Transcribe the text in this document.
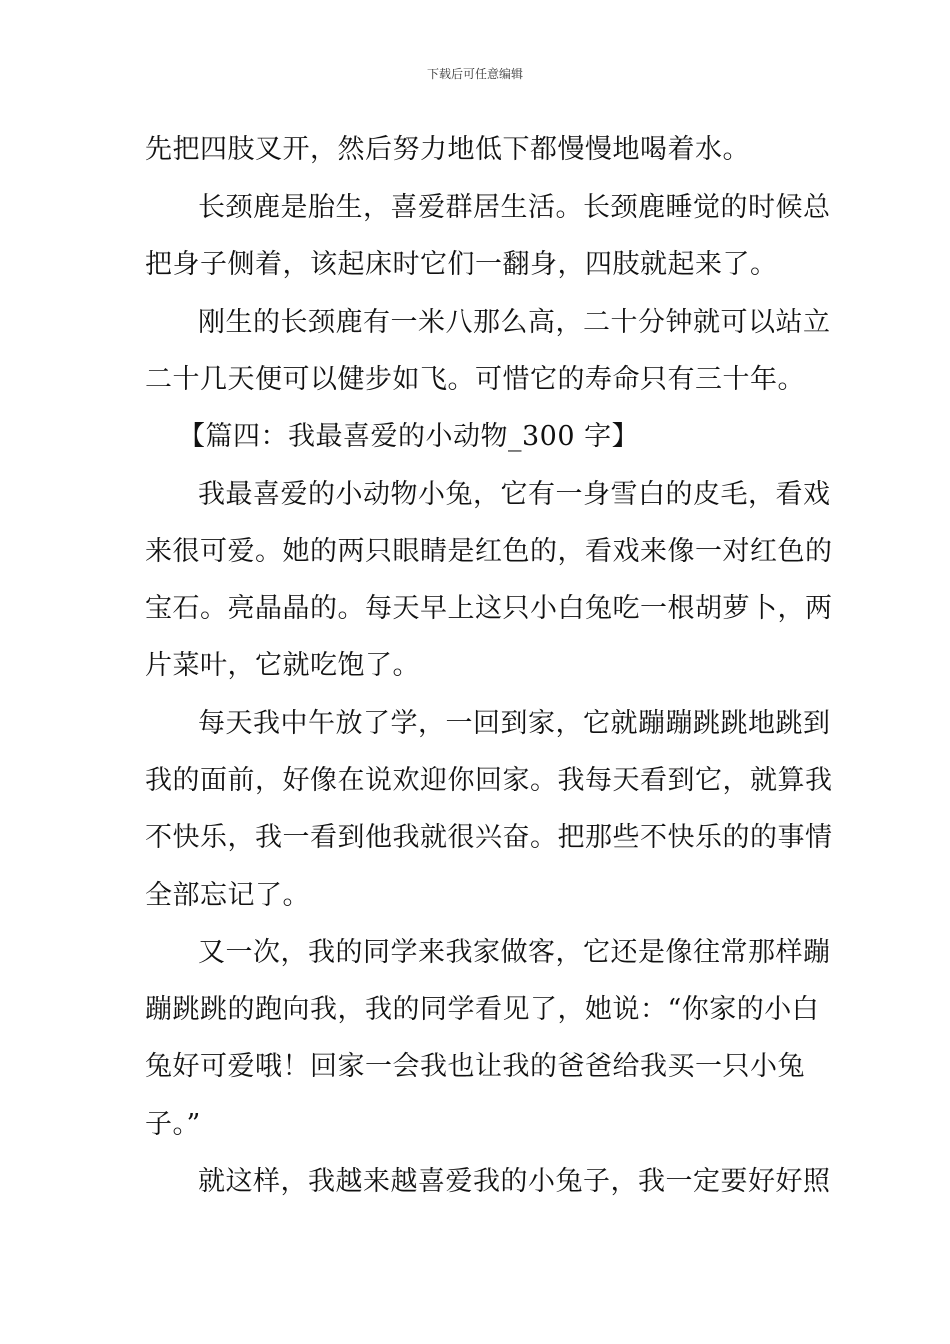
下载后可任意编辑
先把四肢叉开，然后努力地低下都慢慢地喝着水。
长颈鹿是胎生，喜爱群居生活。长颈鹿睡觉的时候总
把身子侧着，该起床时它们一翻身，四肢就起来了。
刚生的长颈鹿有一米八那么高，二十分钟就可以站立
二十几天便可以健步如飞。可惜它的寿命只有三十年。
【篇四：我最喜爱的小动物_300 字】
我最喜爱的小动物小兔，它有一身雪白的皮毛，看戏
来很可爱。她的两只眼睛是红色的，看戏来像一对红色的
宝石。亮晶晶的。每天早上这只小白兔吃一根胡萝卜，两
片菜叶，它就吃饱了。
每天我中午放了学，一回到家，它就蹦蹦跳跳地跳到
我的面前，好像在说欢迎你回家。我每天看到它，就算我
不快乐，我一看到他我就很兴奋。把那些不快乐的的事情
全部忘记了。
又一次，我的同学来我家做客，它还是像往常那样蹦
蹦跳跳的跑向我，我的同学看见了，她说：“你家的小白
兔好可爱哦！回家一会我也让我的爸爸给我买一只小兔
子。”
就这样，我越来越喜爱我的小兔子，我一定要好好照
